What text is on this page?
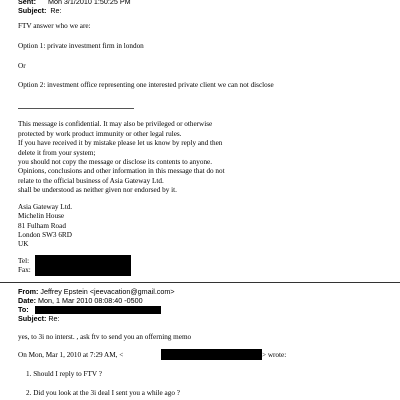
Sent: Mon 3/1/2010 1:50:25 PM
Subject: Re:
FTV answer who we are:
Option 1: private investment firm in london
Or
Option 2: investment office representing one interested private client we can not disclose
This message is confidential. It may also be privileged or otherwise
protected by work product immunity or other legal rules.
If you have received it by mistake please let us know by reply and then
delete it from your system;
you should not copy the message or disclose its contents to anyone.
Opinions, conclusions and other information in this message that do not
relate to the official business of Asia Gateway Ltd.
shall be understood as neither given nor endorsed by it.
Asia Gateway Ltd.
Michelin House
81 Fulham Road
London SW3 6RD
UK
Tel:
Fax:
From: Jeffrey Epstein <jeevacation@gmail.com>
Date: Mon, 1 Mar 2010 08:08:40 -0500
To:
Subject: Re:
yes, to 3i no interst. , ask ftv to send you an offerning memo
On Mon, Mar 1, 2010 at 7:29 AM, <	> wrote:
1. Should I reply to FTV ?
2. Did you look at the 3i deal I sent you a while ago ?
